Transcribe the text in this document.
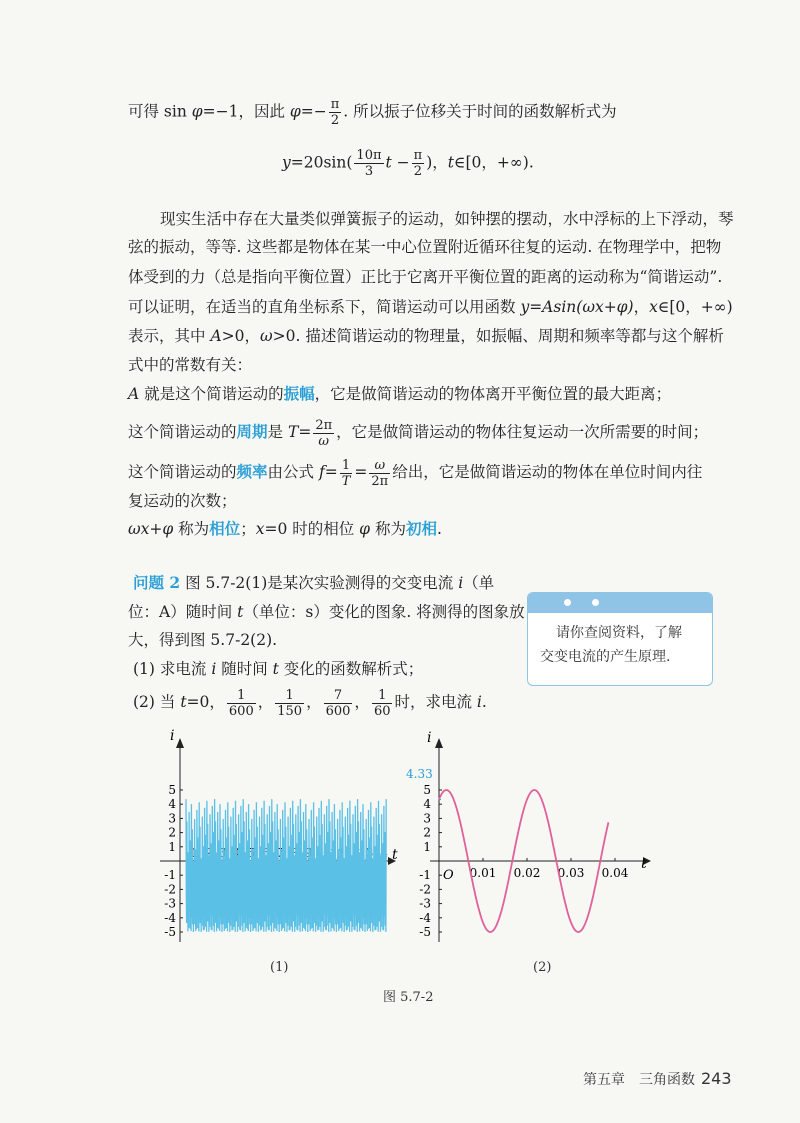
可得 sin φ=−1，因此 $\varphi=- \frac{\pi}{2}$ . 所以振子位移关于时间的函数解析式为
$y=20\sin( \frac{10\pi}{3}$ $t - \frac{\pi}{2}$ )，t∈[0，+∞).
现实生活中存在大量类似弹簧振子的运动，如钟摆的摆动，水中浮标的上下浮动，琴
弦的振动，等等. 这些都是物体在某一中心位置附近循环往复的运动. 在物理学中，把物
体受到的力（总是指向平衡位置）正比于它离开平衡位置的距离的运动称为“简谐运动”.
可以证明，在适当的直角坐标系下，简谐运动可以用函数 y=Asin(ωx+φ)，x∈[0，+∞)
表示，其中 A>0，ω>0. 描述简谐运动的物理量，如振幅、周期和频率等都与这个解析
式中的常数有关：
A 就是这个简谐运动的振幅，它是做简谐运动的物体离开平衡位置的最大距离；
这个简谐运动的周期是 $T= \frac{2\pi}{\omega}$ ，它是做简谐运动的物体往复运动一次所需要的时间；
这个简谐运动的频率由公式 $f= \frac{1}{T} = \frac{\omega}{2\pi}$ 给出，它是做简谐运动的物体在单位时间内往
复运动的次数；
ωx+φ 称为相位；x=0 时的相位 φ 称为初相.
问题 2 图 5.7-2(1)是某次实验测得的交变电流 i（单
位：A）随时间 t（单位：s）变化的图象. 将测得的图象放
大，得到图 5.7-2(2).
(1) 求电流 i 随时间 t 变化的函数解析式；
(2) 当 t=0， $\frac{1}{600}$ ， $\frac{1}{150}$ ， $\frac{7}{600}$ ， $\frac{1}{60}$ 时，求电流 i.
请你查阅资料，了解
交变电流的产生原理.
t
i
1 2 3 4 5 6 7 8 9 10 11 12 13 14
5
4
3
2
1
-1
-2
-3
-4
-5
t
i
O
4.33
0.01 0.02 0.03 0.04
5
4
3
2
1
-1
-2
-3
-4
-5
(1)	(2)
图 5.7-2
第五章　三角函数 243
